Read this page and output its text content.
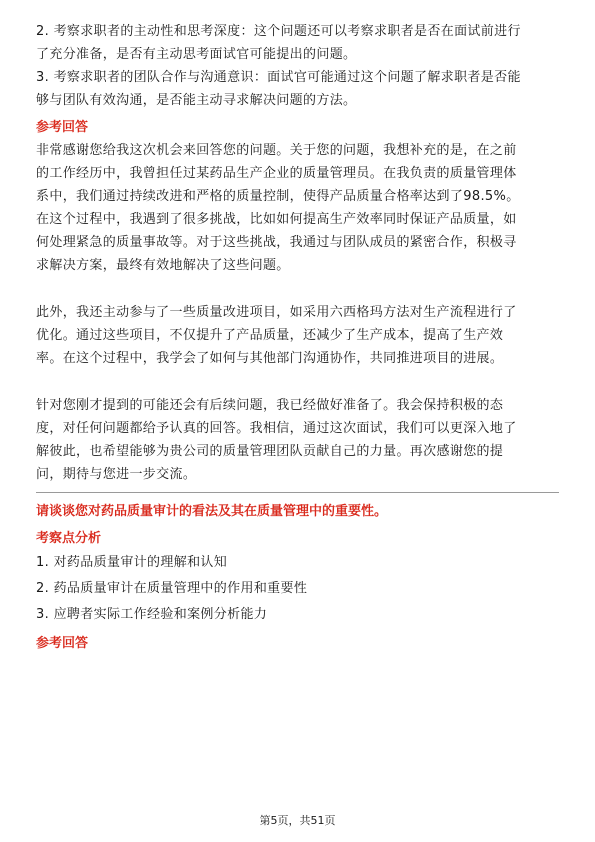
2. 考察求职者的主动性和思考深度：这个问题还可以考察求职者是否在面试前进行
了充分准备，是否有主动思考面试官可能提出的问题。
3. 考察求职者的团队合作与沟通意识：面试官可能通过这个问题了解求职者是否能
够与团队有效沟通，是否能主动寻求解决问题的方法。
参考回答
非常感谢您给我这次机会来回答您的问题。关于您的问题，我想补充的是，在之前
的工作经历中，我曾担任过某药品生产企业的质量管理员。在我负责的质量管理体
系中，我们通过持续改进和严格的质量控制，使得产品质量合格率达到了98.5%。
在这个过程中，我遇到了很多挑战，比如如何提高生产效率同时保证产品质量，如
何处理紧急的质量事故等。对于这些挑战，我通过与团队成员的紧密合作，积极寻
求解决方案，最终有效地解决了这些问题。
此外，我还主动参与了一些质量改进项目，如采用六西格玛方法对生产流程进行了
优化。通过这些项目，不仅提升了产品质量，还减少了生产成本，提高了生产效
率。在这个过程中，我学会了如何与其他部门沟通协作，共同推进项目的进展。
针对您刚才提到的可能还会有后续问题，我已经做好准备了。我会保持积极的态
度，对任何问题都给予认真的回答。我相信，通过这次面试，我们可以更深入地了
解彼此，也希望能够为贵公司的质量管理团队贡献自己的力量。再次感谢您的提
问，期待与您进一步交流。
请谈谈您对药品质量审计的看法及其在质量管理中的重要性。
考察点分析
1. 对药品质量审计的理解和认知
2. 药品质量审计在质量管理中的作用和重要性
3. 应聘者实际工作经验和案例分析能力
参考回答
第5页，共51页
